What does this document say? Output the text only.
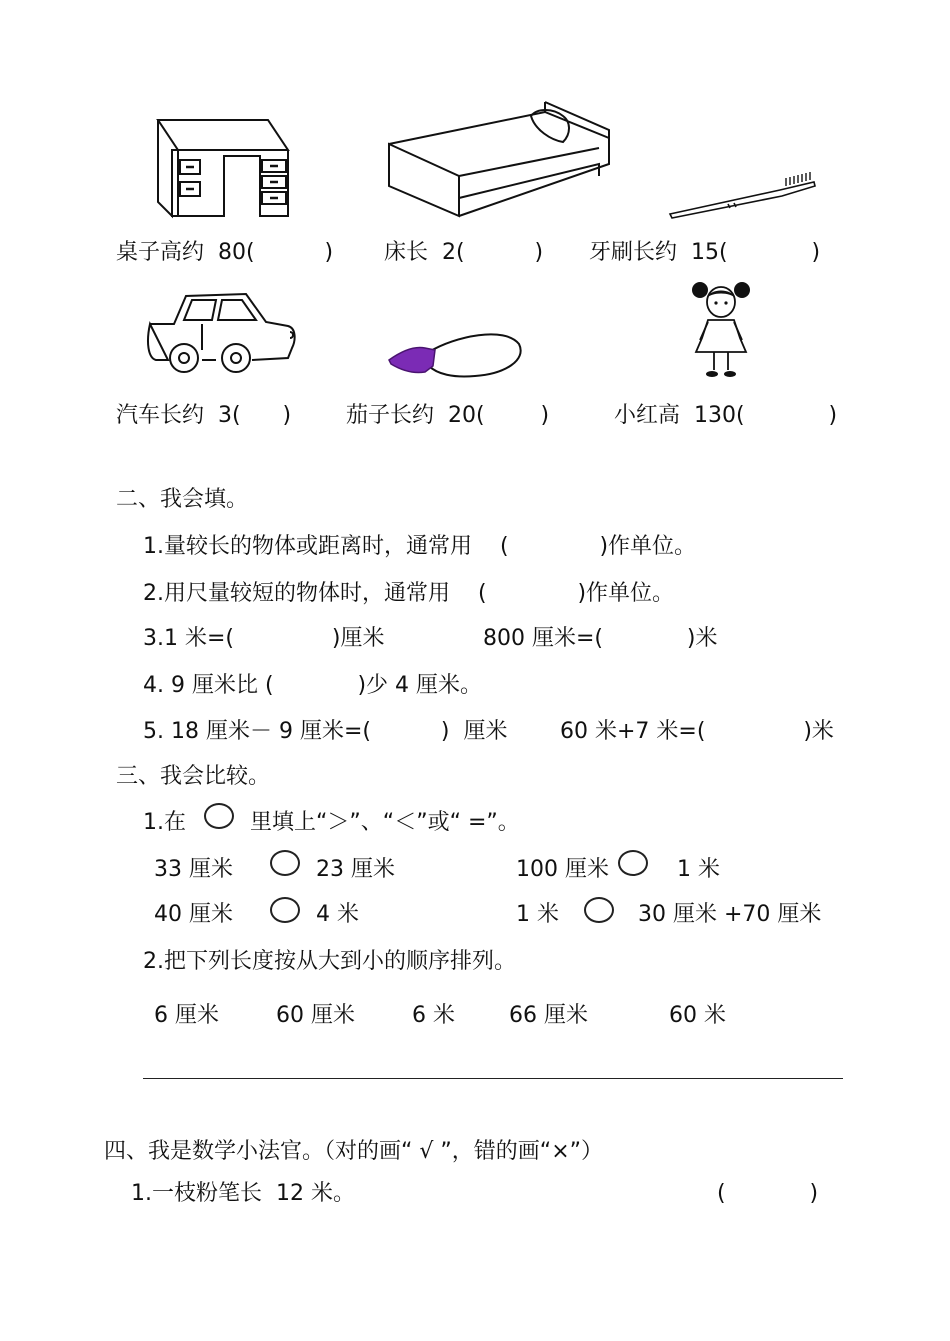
桌子高约  80(          ) 床长  2(          ) 牙刷长约  15(            )
汽车长约  3(      ) 茄子长约  20(        )	小红高  130(            )
二、我会填。
1.量较长的物体或距离时，通常用    (             )作单位。
2.用尺量较短的物体时，通常用    (             )作单位。
3.1 米=(              )厘米	800 厘米=(            )米
4. 9 厘米比 (            )少 4 厘米。
5. 18 厘米－ 9 厘米=(          )  厘米 60 米+7 米=(              )米
三、我会比较。
1.在	里填上“＞”、“＜”或“ =”。
33 厘米	23 厘米	100 厘米	1 米
40 厘米	4 米	1 米	30 厘米 +70 厘米
2.把下列长度按从大到小的顺序排列。
6 厘米	60 厘米	6 米 66 厘米	60 米
四、我是数学小法官。（对的画“ √ ”，错的画“×”）
1.一枝粉笔长  12 米。	(            )
